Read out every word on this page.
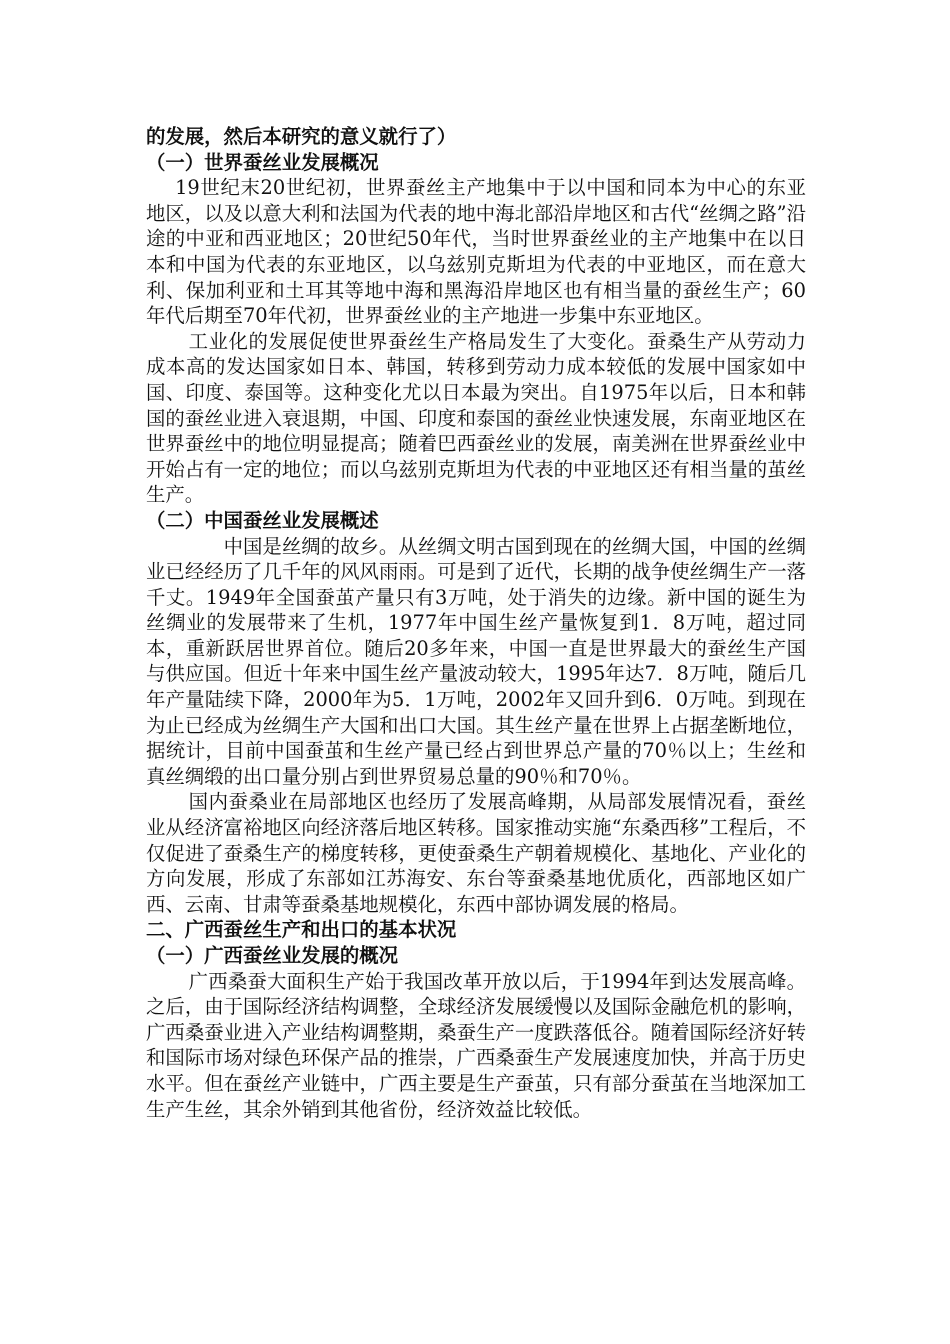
的发展，然后本研究的意义就行了）

（一）世界蚕丝业发展概况

19世纪末20世纪初，世界蚕丝主产地集中于以中国和同本为中心的东亚地区，以及以意大利和法国为代表的地中海北部沿岸地区和古代“丝绸之路”沿途的中亚和西亚地区；20世纪50年代，当时世界蚕丝业的主产地集中在以日本和中国为代表的东亚地区，以乌兹别克斯坦为代表的中亚地区，而在意大利、保加利亚和土耳其等地中海和黑海沿岸地区也有相当量的蚕丝生产；60年代后期至70年代初，世界蚕丝业的主产地进一步集中东亚地区。

工业化的发展促使世界蚕丝生产格局发生了大变化。蚕桑生产从劳动力成本高的发达国家如日本、韩国，转移到劳动力成本较低的发展中国家如中国、印度、泰国等。这种变化尤以日本最为突出。自1975年以后，日本和韩国的蚕丝业进入衰退期，中国、印度和泰国的蚕丝业快速发展，东南亚地区在世界蚕丝中的地位明显提高；随着巴西蚕丝业的发展，南美洲在世界蚕丝业中开始占有一定的地位；而以乌兹别克斯坦为代表的中亚地区还有相当量的茧丝生产。

（二）中国蚕丝业发展概述

中国是丝绸的故乡。从丝绸文明古国到现在的丝绸大国，中国的丝绸业已经经历了几千年的风风雨雨。可是到了近代，长期的战争使丝绸生产一落千丈。1949年全国蚕茧产量只有3万吨，处于消失的边缘。新中国的诞生为丝绸业的发展带来了生机，1977年中国生丝产量恢复到1．8万吨，超过同本，重新跃居世界首位。随后20多年来，中国一直是世界最大的蚕丝生产国与供应国。但近十年来中国生丝产量波动较大，1995年达7．8万吨，随后几年产量陆续下降，2000年为5．1万吨，2002年又回升到6．0万吨。到现在为止已经成为丝绸生产大国和出口大国。其生丝产量在世界上占据垄断地位，据统计，目前中国蚕茧和生丝产量已经占到世界总产量的70％以上；生丝和真丝绸缎的出口量分别占到世界贸易总量的90％和70％。

国内蚕桑业在局部地区也经历了发展高峰期，从局部发展情况看，蚕丝业从经济富裕地区向经济落后地区转移。国家推动实施“东桑西移”工程后，不仅促进了蚕桑生产的梯度转移，更使蚕桑生产朝着规模化、基地化、产业化的方向发展，形成了东部如江苏海安、东台等蚕桑基地优质化，西部地区如广西、云南、甘肃等蚕桑基地规模化，东西中部协调发展的格局。

二、广西蚕丝生产和出口的基本状况

（一）广西蚕丝业发展的概况

广西桑蚕大面积生产始于我国改革开放以后，于1994年到达发展高峰。之后，由于国际经济结构调整，全球经济发展缓慢以及国际金融危机的影响，广西桑蚕业进入产业结构调整期，桑蚕生产一度跌落低谷。随着国际经济好转和国际市场对绿色环保产品的推崇，广西桑蚕生产发展速度加快，并高于历史水平。但在蚕丝产业链中，广西主要是生产蚕茧，只有部分蚕茧在当地深加工生产生丝，其余外销到其他省份，经济效益比较低。
